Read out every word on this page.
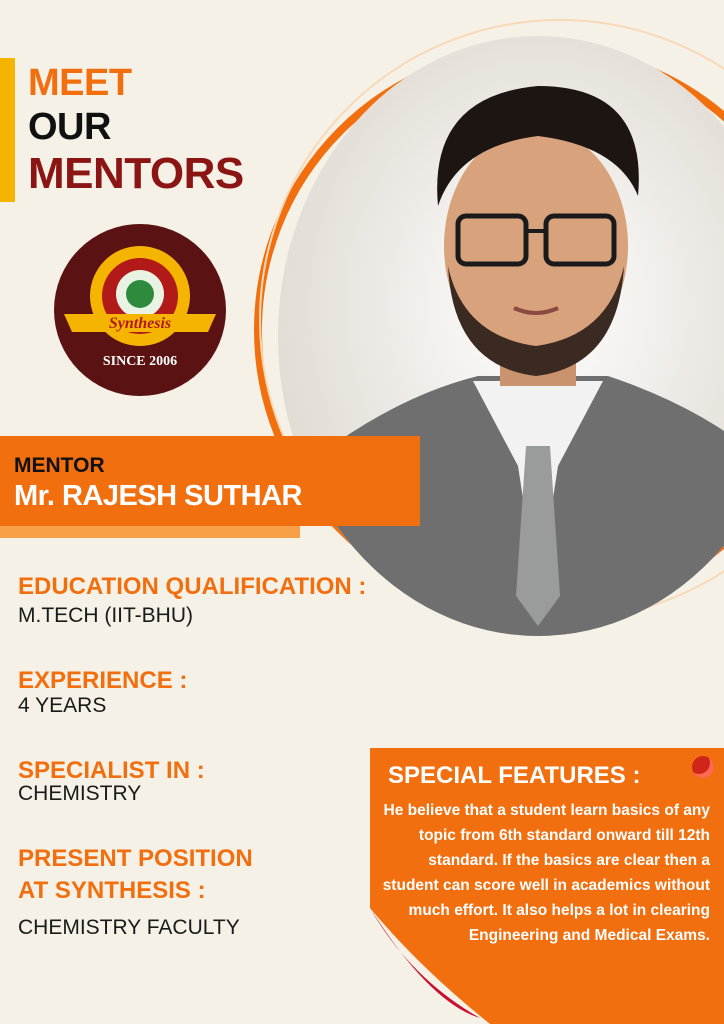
MEET
OUR
MENTORS
Synthesis
SINCE 2006
MENTOR
Mr. RAJESH SUTHAR
EDUCATION QUALIFICATION :
M.TECH (IIT-BHU)
EXPERIENCE :
4 YEARS
SPECIALIST IN :
CHEMISTRY
PRESENT POSITION
AT SYNTHESIS :
CHEMISTRY FACULTY
SPECIAL FEATURES :
He believe that a student learn basics of any topic from 6th standard onward till 12th standard. If the basics are clear then a student can score well in academics without much effort. It also helps a lot in clearing Engineering and Medical Exams.
